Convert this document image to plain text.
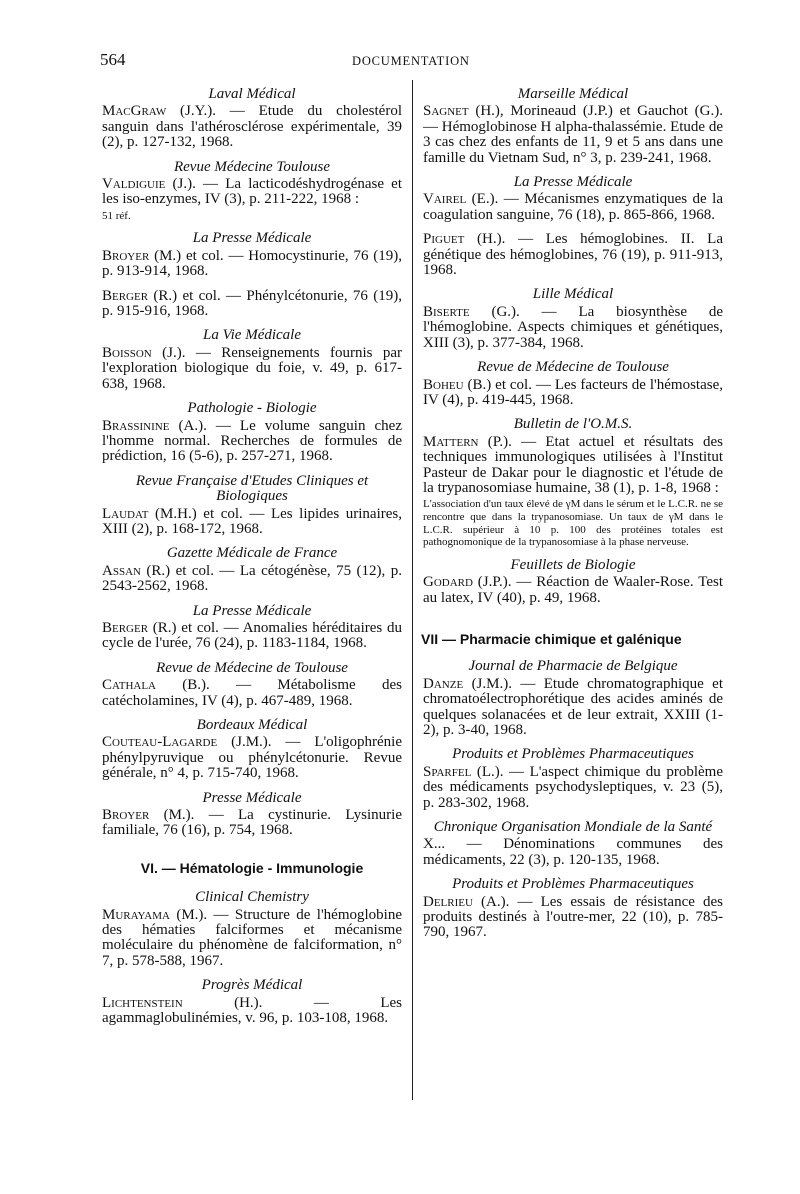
564	DOCUMENTATION
Laval Médical
MacGraw (J.Y.). — Etude du cholestérol sanguin dans l'athérosclérose expérimentale, 39 (2), p. 127-132, 1968.
Revue Médecine Toulouse
Valdiguie (J.). — La lacticodéshydrogénase et les iso-enzymes, IV (3), p. 211-222, 1968 :
51 réf.
La Presse Médicale
Broyer (M.) et col. — Homocystinurie, 76 (19), p. 913-914, 1968.
Berger (R.) et col. — Phénylcétonurie, 76 (19), p. 915-916, 1968.
La Vie Médicale
Boisson (J.). — Renseignements fournis par l'exploration biologique du foie, v. 49, p. 617-638, 1968.
Pathologie - Biologie
Brassinine (A.). — Le volume sanguin chez l'homme normal. Recherches de formules de prédiction, 16 (5-6), p. 257-271, 1968.
Revue Française d'Etudes Cliniques et Biologiques
Laudat (M.H.) et col. — Les lipides urinaires, XIII (2), p. 168-172, 1968.
Gazette Médicale de France
Assan (R.) et col. — La cétogénèse, 75 (12), p. 2543-2562, 1968.
La Presse Médicale
Berger (R.) et col. — Anomalies héréditaires du cycle de l'urée, 76 (24), p. 1183-1184, 1968.
Revue de Médecine de Toulouse
Cathala (B.). — Métabolisme des catécholamines, IV (4), p. 467-489, 1968.
Bordeaux Médical
Couteau-Lagarde (J.M.). — L'oligophrénie phénylpyruvique ou phénylcétonurie. Revue générale, n° 4, p. 715-740, 1968.
Presse Médicale
Broyer (M.). — La cystinurie. Lysinurie familiale, 76 (16), p. 754, 1968.
VI. — Hématologie - Immunologie
Clinical Chemistry
Murayama (M.). — Structure de l'hémoglobine des hématies falciformes et mécanisme moléculaire du phénomène de falciformation, n° 7, p. 578-588, 1967.
Progrès Médical
Lichtenstein (H.). — Les agammaglobulinémies, v. 96, p. 103-108, 1968.
Marseille Médical
Sagnet (H.), Morineaud (J.P.) et Gauchot (G.). — Hémoglobinose H alpha-thalassémie. Etude de 3 cas chez des enfants de 11, 9 et 5 ans dans une famille du Vietnam Sud, n° 3, p. 239-241, 1968.
La Presse Médicale
Vairel (E.). — Mécanismes enzymatiques de la coagulation sanguine, 76 (18), p. 865-866, 1968.
Piguet (H.). — Les hémoglobines. II. La génétique des hémoglobines, 76 (19), p. 911-913, 1968.
Lille Médical
Biserte (G.). — La biosynthèse de l'hémoglobine. Aspects chimiques et génétiques, XIII (3), p. 377-384, 1968.
Revue de Médecine de Toulouse
Boheu (B.) et col. — Les facteurs de l'hémostase, IV (4), p. 419-445, 1968.
Bulletin de l'O.M.S.
Mattern (P.). — Etat actuel et résultats des techniques immunologiques utilisées à l'Institut Pasteur de Dakar pour le diagnostic et l'étude de la trypanosomiase humaine, 38 (1), p. 1-8, 1968 :
L'association d'un taux élevé de γM dans le sérum et le L.C.R. ne se rencontre que dans la trypanosomiase. Un taux de γM dans le L.C.R. supérieur à 10 p. 100 des protéines totales est pathognomonique de la trypanosomiase à la phase nerveuse.
Feuillets de Biologie
Godard (J.P.). — Réaction de Waaler-Rose. Test au latex, IV (40), p. 49, 1968.
VII — Pharmacie chimique et galénique
Journal de Pharmacie de Belgique
Danze (J.M.). — Etude chromatographique et chromatoélectrophorétique des acides aminés de quelques solanacées et de leur extrait, XXIII (1-2), p. 3-40, 1968.
Produits et Problèmes Pharmaceutiques
Sparfel (L.). — L'aspect chimique du problème des médicaments psychodysleptiques, v. 23 (5), p. 283-302, 1968.
Chronique Organisation Mondiale de la Santé
X... — Dénominations communes des médicaments, 22 (3), p. 120-135, 1968.
Produits et Problèmes Pharmaceutiques
Delrieu (A.). — Les essais de résistance des produits destinés à l'outre-mer, 22 (10), p. 785-790, 1967.
